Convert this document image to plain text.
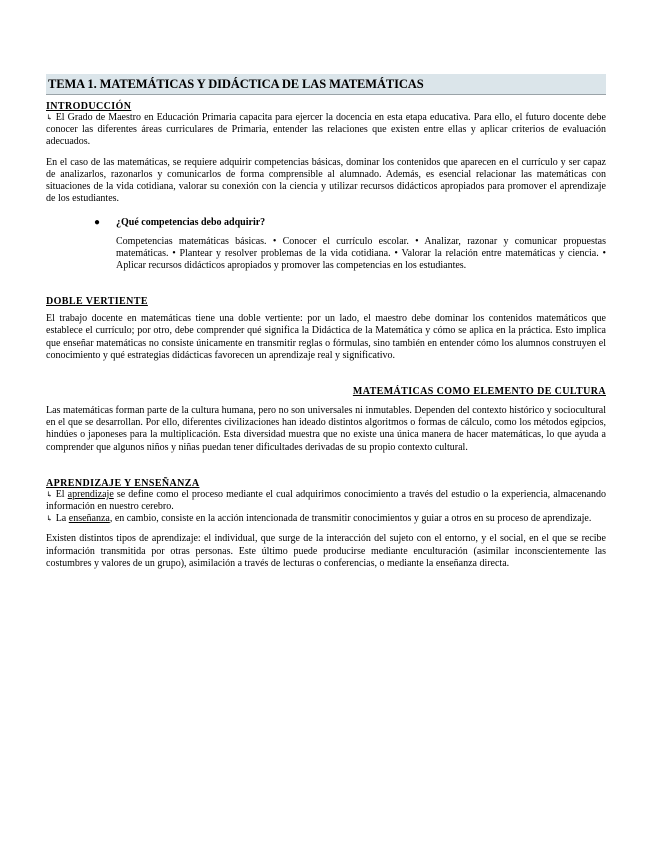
TEMA 1. MATEMÁTICAS Y DIDÁCTICA DE LAS MATEMÁTICAS
INTRODUCCIÓN

↳ El Grado de Maestro en Educación Primaria capacita para ejercer la docencia en esta etapa educativa. Para ello, el futuro docente debe conocer las diferentes áreas curriculares de Primaria, entender las relaciones que existen entre ellas y aplicar criterios de evaluación adecuados.

En el caso de las matemáticas, se requiere adquirir competencias básicas, dominar los contenidos que aparecen en el currículo y ser capaz de analizarlos, razonarlos y comunicarlos de forma comprensible al alumnado. Además, es esencial relacionar las matemáticas con situaciones de la vida cotidiana, valorar su conexión con la ciencia y utilizar recursos didácticos apropiados para promover el aprendizaje de los estudiantes.

●	¿Qué competencias debo adquirir?

Competencias matemáticas básicas. • Conocer el currículo escolar. • Analizar, razonar y comunicar propuestas matemáticas. • Plantear y resolver problemas de la vida cotidiana. • Valorar la relación entre matemáticas y ciencia. • Aplicar recursos didácticos apropiados y promover las competencias en los estudiantes.

DOBLE VERTIENTE

El trabajo docente en matemáticas tiene una doble vertiente: por un lado, el maestro debe dominar los contenidos matemáticos que establece el currículo; por otro, debe comprender qué significa la Didáctica de la Matemática y cómo se aplica en la práctica. Esto implica que enseñar matemáticas no consiste únicamente en transmitir reglas o fórmulas, sino también en entender cómo los alumnos construyen el conocimiento y qué estrategias didácticas favorecen un aprendizaje real y significativo.

MATEMÁTICAS COMO ELEMENTO DE CULTURA

Las matemáticas forman parte de la cultura humana, pero no son universales ni inmutables. Dependen del contexto histórico y sociocultural en el que se desarrollan. Por ello, diferentes civilizaciones han ideado distintos algoritmos o formas de cálculo, como los métodos egipcios, hindúes o japoneses para la multiplicación. Esta diversidad muestra que no existe una única manera de hacer matemáticas, lo que ayuda a comprender que algunos niños y niñas puedan tener dificultades derivadas de su propio contexto cultural.

APRENDIZAJE Y ENSEÑANZA

↳ El aprendizaje se define como el proceso mediante el cual adquirimos conocimiento a través del estudio o la experiencia, almacenando información en nuestro cerebro.

↳ La enseñanza, en cambio, consiste en la acción intencionada de transmitir conocimientos y guiar a otros en su proceso de aprendizaje.

Existen distintos tipos de aprendizaje: el individual, que surge de la interacción del sujeto con el entorno, y el social, en el que se recibe información transmitida por otras personas. Este último puede producirse mediante enculturación (asimilar inconscientemente las costumbres y valores de un grupo), asimilación a través de lecturas o conferencias, o mediante la enseñanza directa.
